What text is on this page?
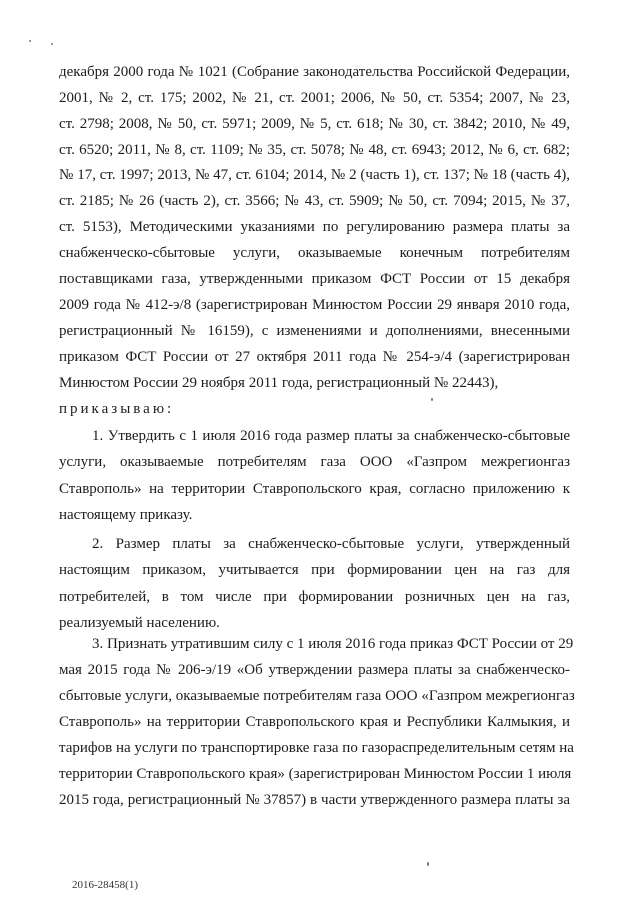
декабря 2000 года № 1021 (Собрание законодательства Российской Федерации,
2001, № 2, ст. 175; 2002, № 21, ст. 2001; 2006, № 50, ст. 5354; 2007, № 23,
ст. 2798; 2008, № 50, ст. 5971; 2009, № 5, ст. 618; № 30, ст. 3842; 2010, № 49,
ст. 6520; 2011, № 8, ст. 1109; № 35, ст. 5078; № 48, ст. 6943; 2012, № 6, ст. 682;
№ 17, ст. 1997; 2013, № 47, ст. 6104; 2014, № 2 (часть 1), ст. 137; № 18 (часть 4),
ст. 2185; № 26 (часть 2), ст. 3566; № 43, ст. 5909; № 50, ст. 7094; 2015, № 37,
ст. 5153), Методическими указаниями по регулированию размера платы за
снабженческо-сбытовые услуги, оказываемые конечным потребителям
поставщиками газа, утвержденными приказом ФСТ России от 15 декабря
2009 года № 412-э/8 (зарегистрирован Минюстом России 29 января 2010 года,
регистрационный № 16159), с изменениями и дополнениями, внесенными
приказом ФСТ России от 27 октября 2011 года № 254-э/4 (зарегистрирован
Минюстом России 29 ноября 2011 года, регистрационный № 22443),
приказываю:
1. Утвердить с 1 июля 2016 года размер платы за снабженческо-сбытовые
услуги, оказываемые потребителям газа ООО «Газпром межрегионгаз
Ставрополь» на территории Ставропольского края, согласно приложению к
настоящему приказу.
2. Размер платы за снабженческо-сбытовые услуги, утвержденный
настоящим приказом, учитывается при формировании цен на газ для
потребителей, в том числе при формировании розничных цен на газ,
реализуемый населению.
3. Признать утратившим силу с 1 июля 2016 года приказ ФСТ России от 29
мая 2015 года № 206-э/19 «Об утверждении размера платы за снабженческо-
сбытовые услуги, оказываемые потребителям газа ООО «Газпром межрегионгаз
Ставрополь» на территории Ставропольского края и Республики Калмыкия, и
тарифов на услуги по транспортировке газа по газораспределительным сетям на
территории Ставропольского края» (зарегистрирован Минюстом России 1 июля
2015 года, регистрационный № 37857) в части утвержденного размера платы за
2016-28458(1)
